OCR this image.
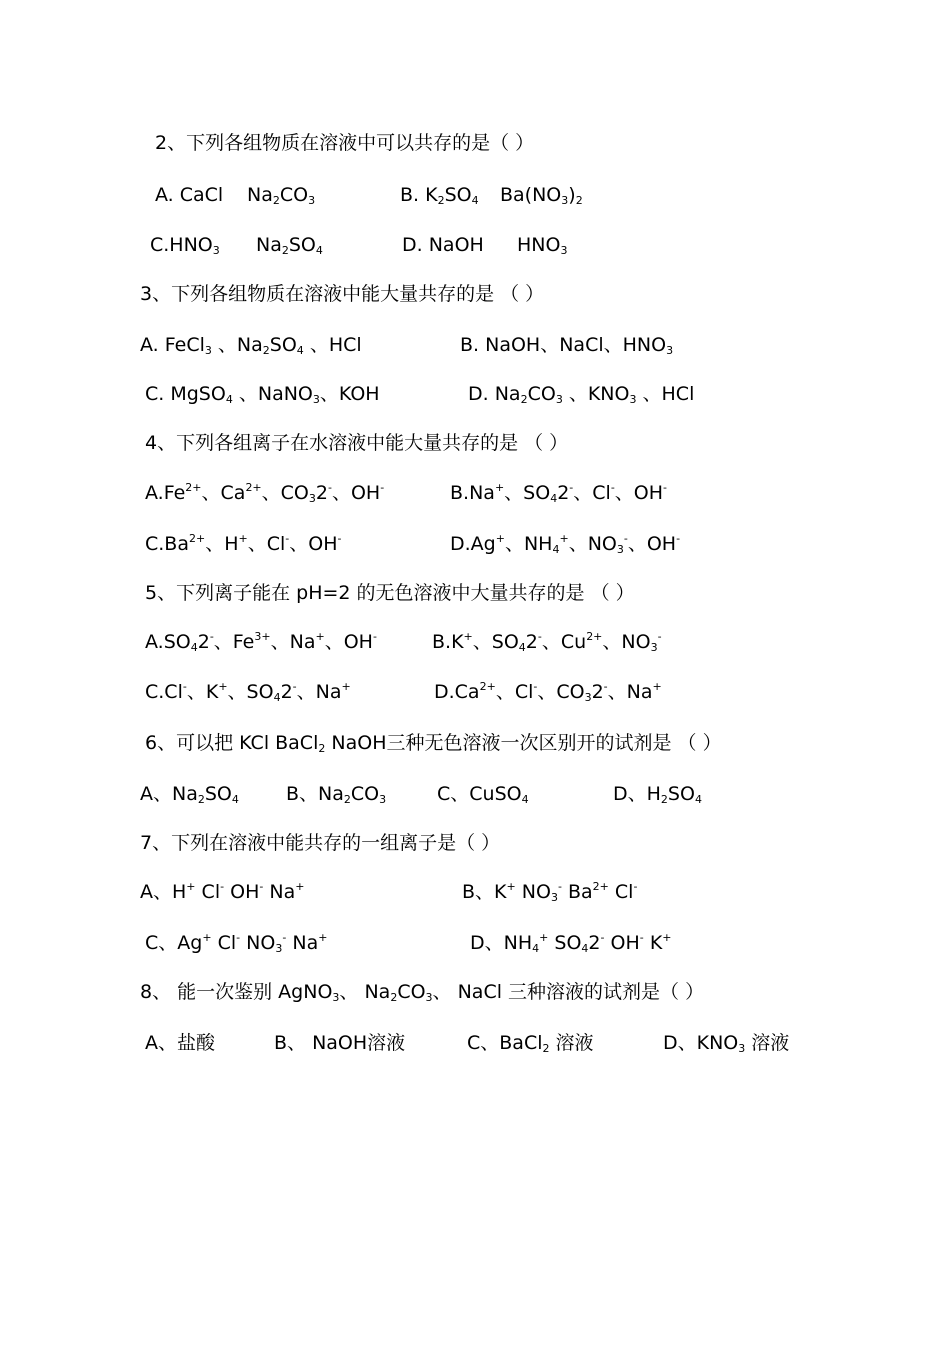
2、下列各组物质在溶液中可以共存的是（ ）
A. CaCl $Na_2CO_3$	B. $K_2SO_4$ $Ba(NO_3)_2$
$C.HNO_3$ $Na_2SO_4$	D. NaOH $HNO_3$
3、下列各组物质在溶液中能大量共存的是 （ ）
A. FeCl$_3$ 、$Na_2SO_4$ 、HCl	B. NaOH、NaCl、$HNO_3$
C. MgSO$_4$ 、NaNO$_3$、KOH	D. $Na_2CO_3$ 、$KNO_3$ 、HCl
4、下列各组离子在水溶液中能大量共存的是 （ ）
$A.Fe^{2+}$、$Ca^{2+}$、$CO_32^-$、OH-	B.Na+、$SO_42^-$、Cl-、OH-
$C.Ba^{2+}$、H+、Cl-、OH-	D.Ag+、$NH_4^+$、$NO_3^-$、OH-
5、下列离子能在 pH=2 的无色溶液中大量共存的是 （ ）
$A.SO_42^-$、$Fe^{3+}$、Na+、OH-	B.K+、$SO_42^-$、$Cu^{2+}$、$NO_3^-$
C.Cl-、K+、$SO_42^-$、Na+	$D.Ca^{2+}$、Cl-、$CO_32^-$、Na+
6、可以把 KCl BaCl$_2$ NaOH三种无色溶液一次区别开的试剂是 （ ）
A、$Na_2SO_4$ B、$Na_2CO_3$	C、CuSO$_4$	D、$H_2SO_4$
7、下列在溶液中能共存的一组离子是（ ）
A、H+ Cl- OH- Na+	B、K+ $NO_3^-$ $Ba^{2+}$ Cl-
C、Ag+ Cl- $NO_3^-$ Na+	D、$NH_4^+$ $SO_42^-$ OH- K+
8、 能一次鉴别 AgNO$_3$、 $Na_2CO_3$、 NaCl 三种溶液的试剂是（ ）
A、盐酸	B、 NaOH溶液	C、BaCl$_2$ 溶液	D、$KNO_3$ 溶液
